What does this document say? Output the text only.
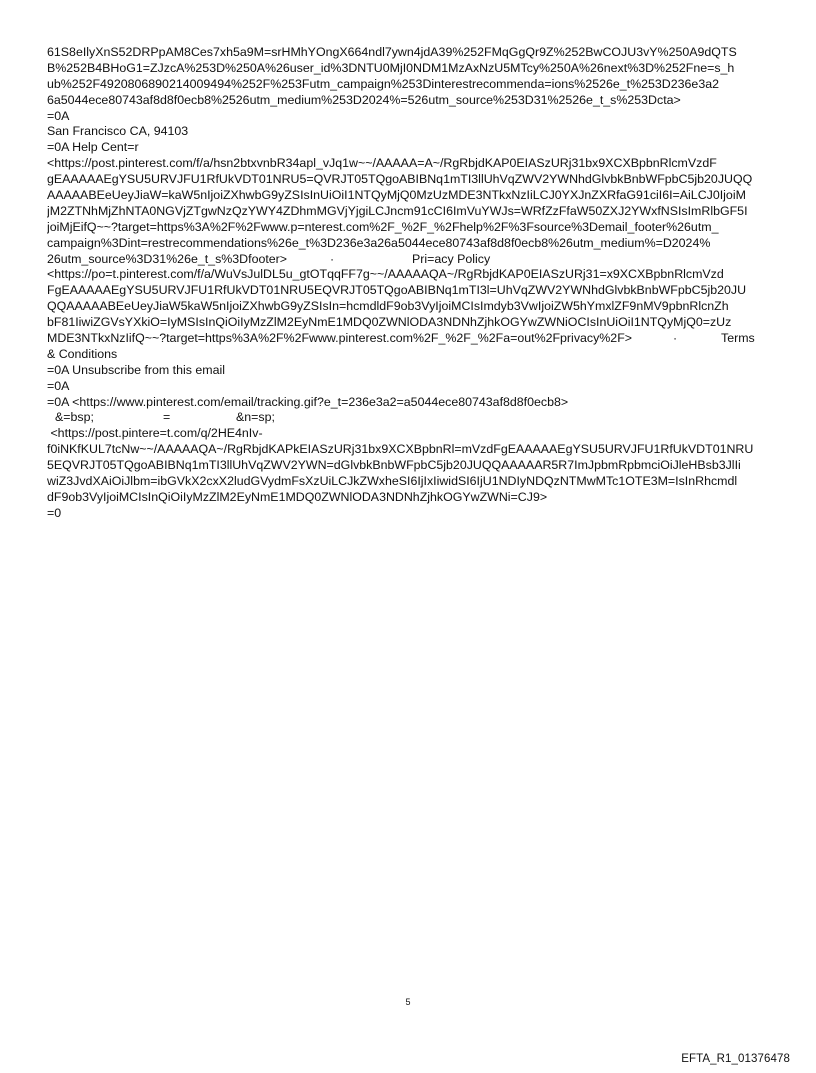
61S8eIlyXnS52DRPpAM8Ces7xh5a9M=srHMhYOngX664ndl7ywn4jdA39%252FMqGgQr9Z%252BwCOJU3vY%250A9dQTS
B%252B4BHoG1=ZJzcA%253D%250A%26user_id%3DNTU0MjI0NDM1MzAxNzU5MTcy%250A%26next%3D%252Fne=s_h
ub%252F4920806890214009494%252F%253Futm_campaign%253Dinterestrecommenda=ions%2526e_t%253D236e3a2
6a5044ece80743af8d8f0ecb8%2526utm_medium%253D2024%=526utm_source%253D31%2526e_t_s%253Dcta>
=0A
San Francisco CA, 94103
=0A Help Cent=r
<https://post.pinterest.com/f/a/hsn2btxvnbR34apl_vJq1w~~/AAAAA=A~/RgRbjdKAP0EIASzURj31bx9XCXBpbnRlcmVzdF
gEAAAAAEgYSU5URVJFU1RfUkVDT01NRU5=QVRJT05TQgoABIBNq1mTI3llUhVqZWV2YWNhdGlvbkBnbWFpbC5jb20JUQQ
AAAAABEeUeyJiaW=kaW5nIjoiZXhwbG9yZSIsInUiOiI1NTQyMjQ0MzUzMDE3NTkxNzIiLCJ0YXJnZXRfaG91ciI6I=AiLCJ0IjoiM
jM2ZTNhMjZhNTA0NGVjZTgwNzQzYWY4ZDhmMGVjYjgiLCJncm91cCI6ImVuYWJs=WRfZzFfaW50ZXJ2YWxfNSIsImRlbGF5I
joiMjEifQ~~?target=https%3A%2F%2Fwww.p=nterest.com%2F_%2F_%2Fhelp%2F%3Fsource%3Demail_footer%26utm_
campaign%3Dint=restrecommendations%26e_t%3D236e3a26a5044ece80743af8d8f0ecb8%26utm_medium%=D2024%

26utm_source%3D31%26e_t_s%3Dfooter>

	·

	Pri=acy Policy

<https://po=t.pinterest.com/f/a/WuVsJulDL5u_gtOTqqFF7g~~/AAAAAQA~/RgRbjdKAP0EIASzURj31=x9XCXBpbnRlcmVzd
FgEAAAAAEgYSU5URVJFU1RfUkVDT01NRU5EQVRJT05TQgoABIBNq1mTI3l=UhVqZWV2YWNhdGlvbkBnbWFpbC5jb20JU
QQAAAAABEeUeyJiaW5kaW5nIjoiZXhwbG9yZSIsIn=hcmdldF9ob3VyIjoiMCIsImdyb3VwIjoiZW5hYmxlZF9nMV9pbnRlcnZh
bF81IiwiZGVsYXkiO=IyMSIsInQiOiIyMzZlM2EyNmE1MDQ0ZWNlODA3NDNhZjhkOGYwZWNiOCIsInUiOiI1NTQyMjQ0=zUz

MDE3NTkxNzIifQ~~?target=https%3A%2F%2Fwww.pinterest.com%2F_%2F_%2Fa=out%2Fprivacy%2F>

	·

	Terms

& Conditions
=0A Unsubscribe from this email
=0A
=0A <https://www.pinterest.com/email/tracking.gif?e_t=236e3a2=a5044ece80743af8d8f0ecb8>

&=bsp;

	=

	&n=sp;

<https://post.pintere=t.com/q/2HE4nIv-
f0iNKfKUL7tcNw~~/AAAAAQA~/RgRbjdKAPkEIASzURj31bx9XCXBpbnRl=mVzdFgEAAAAAEgYSU5URVJFU1RfUkVDT01NRU
5EQVRJT05TQgoABIBNq1mTI3llUhVqZWV2YWN=dGlvbkBnbWFpbC5jb20JUQQAAAAAR5R7ImJpbmRpbmciOiJleHBsb3JlIi
wiZ3JvdXAiOiJlbm=ibGVkX2cxX2ludGVydmFsXzUiLCJkZWxheSI6IjIxIiwidSI6IjU1NDIyNDQzNTMwMTc1OTE3M=IsInRhcmdl
dF9ob3VyIjoiMCIsInQiOiIyMzZlM2EyNmE1MDQ0ZWNlODA3NDNhZjhkOGYwZWNi=CJ9>
=0
5
EFTA_R1_01376478
